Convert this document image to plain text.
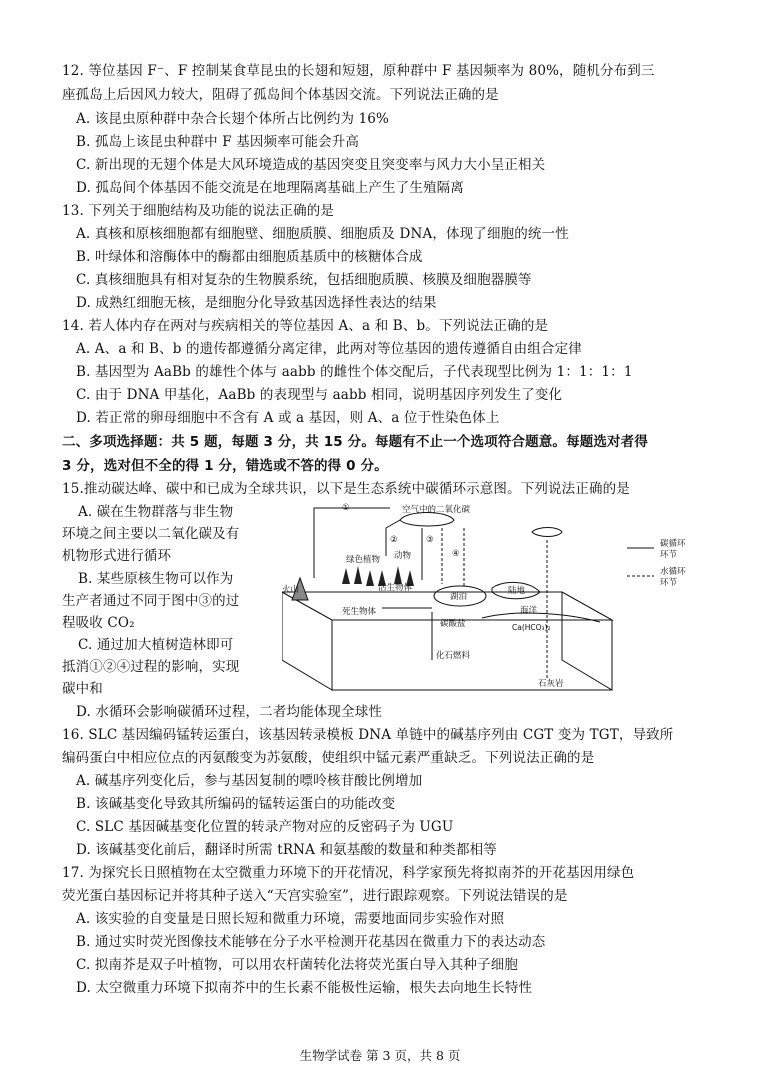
12. 等位基因 F⁻、F 控制某食草昆虫的长翅和短翅，原种群中 F 基因频率为 80%，随机分布到三
座孤岛上后因风力较大，阻碍了孤岛间个体基因交流。下列说法正确的是
A. 该昆虫原种群中杂合长翅个体所占比例约为 16%
B. 孤岛上该昆虫种群中 F 基因频率可能会升高
C. 新出现的无翅个体是大风环境造成的基因突变且突变率与风力大小呈正相关
D. 孤岛间个体基因不能交流是在地理隔离基础上产生了生殖隔离
13. 下列关于细胞结构及功能的说法正确的是
A. 真核和原核细胞都有细胞壁、细胞质膜、细胞质及 DNA，体现了细胞的统一性
B. 叶绿体和溶酶体中的酶都由细胞质基质中的核糖体合成
C. 真核细胞具有相对复杂的生物膜系统，包括细胞质膜、核膜及细胞器膜等
D. 成熟红细胞无核，是细胞分化导致基因选择性表达的结果
14. 若人体内存在两对与疾病相关的等位基因 A、a 和 B、b。下列说法正确的是
A. A、a 和 B、b 的遗传都遵循分离定律，此两对等位基因的遗传遵循自由组合定律
B. 基因型为 AaBb 的雄性个体与 aabb 的雌性个体交配后，子代表现型比例为 1：1：1：1
C. 由于 DNA 甲基化，AaBb 的表现型与 aabb 相同，说明基因序列发生了变化
D. 若正常的卵母细胞中不含有 A 或 a 基因，则 A、a 位于性染色体上
二、多项选择题：共 5 题，每题 3 分，共 15 分。每题有不止一个选项符合题意。每题选对者得
3 分，选对但不全的得 1 分，错选或不答的得 0 分。
15.推动碳达峰、碳中和已成为全球共识，以下是生态系统中碳循环示意图。下列说法正确的是
A. 碳在生物群落与非生物
环境之间主要以二氧化碳及有
机物形式进行循环
B. 某些原核生物可以作为
生产者通过不同于图中③的过
程吸收 CO₂
C. 通过加大植树造林即可
抵消①②④过程的影响，实现
碳中和
D. 水循环会影响碳循环过程，二者均能体现全球性
空气中的二氧化碳
绿色植物 动物
活生物体
死生物体
火山
湖泊
陆地
海洋
碳酸盐	Ca(HCO₃)₂
化石燃料
石灰岩
①
②	③
④
碳循环
环节
水循环
环节
16. SLC 基因编码锰转运蛋白，该基因转录模板 DNA 单链中的碱基序列由 CGT 变为 TGT，导致所
编码蛋白中相应位点的丙氨酸变为苏氨酸，使组织中锰元素严重缺乏。下列说法正确的是
A. 碱基序列变化后，参与基因复制的嘌呤核苷酸比例增加
B. 该碱基变化导致其所编码的锰转运蛋白的功能改变
C. SLC 基因碱基变化位置的转录产物对应的反密码子为 UGU
D. 该碱基变化前后，翻译时所需 tRNA 和氨基酸的数量和种类都相等
17. 为探究长日照植物在太空微重力环境下的开花情况，科学家预先将拟南芥的开花基因用绿色
荧光蛋白基因标记并将其种子送入“天宫实验室”，进行跟踪观察。下列说法错误的是
A. 该实验的自变量是日照长短和微重力环境，需要地面同步实验作对照
B. 通过实时荧光图像技术能够在分子水平检测开花基因在微重力下的表达动态
C. 拟南芥是双子叶植物，可以用农杆菌转化法将荧光蛋白导入其种子细胞
D. 太空微重力环境下拟南芥中的生长素不能极性运输，根失去向地生长特性
生物学试卷 第 3 页，共 8 页
